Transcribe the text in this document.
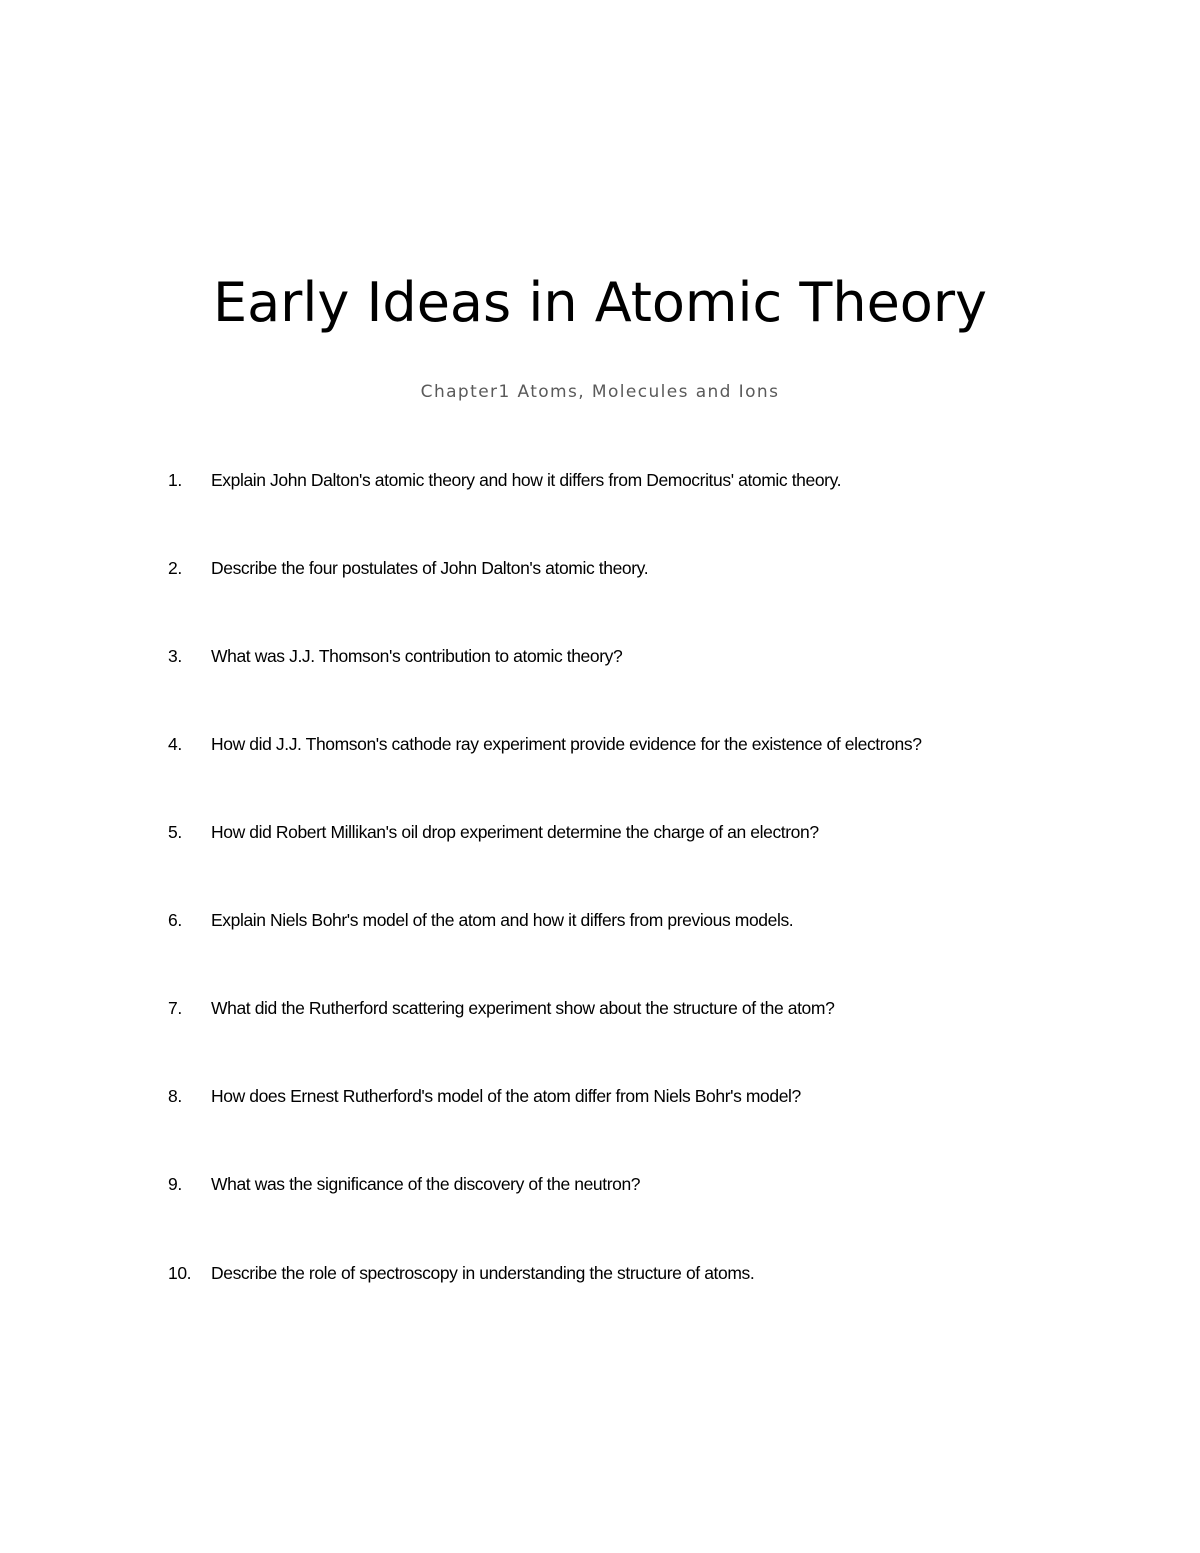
Early Ideas in Atomic Theory

Chapter1 Atoms, Molecules and Ions

1. Explain John Dalton's atomic theory and how it differs from Democritus' atomic theory.
2. Describe the four postulates of John Dalton's atomic theory.
3. What was J.J. Thomson's contribution to atomic theory?
4. How did J.J. Thomson's cathode ray experiment provide evidence for the existence of electrons?
5. How did Robert Millikan's oil drop experiment determine the charge of an electron?
6. Explain Niels Bohr's model of the atom and how it differs from previous models.
7. What did the Rutherford scattering experiment show about the structure of the atom?
8. How does Ernest Rutherford's model of the atom differ from Niels Bohr's model?
9. What was the significance of the discovery of the neutron?
10. Describe the role of spectroscopy in understanding the structure of atoms.
